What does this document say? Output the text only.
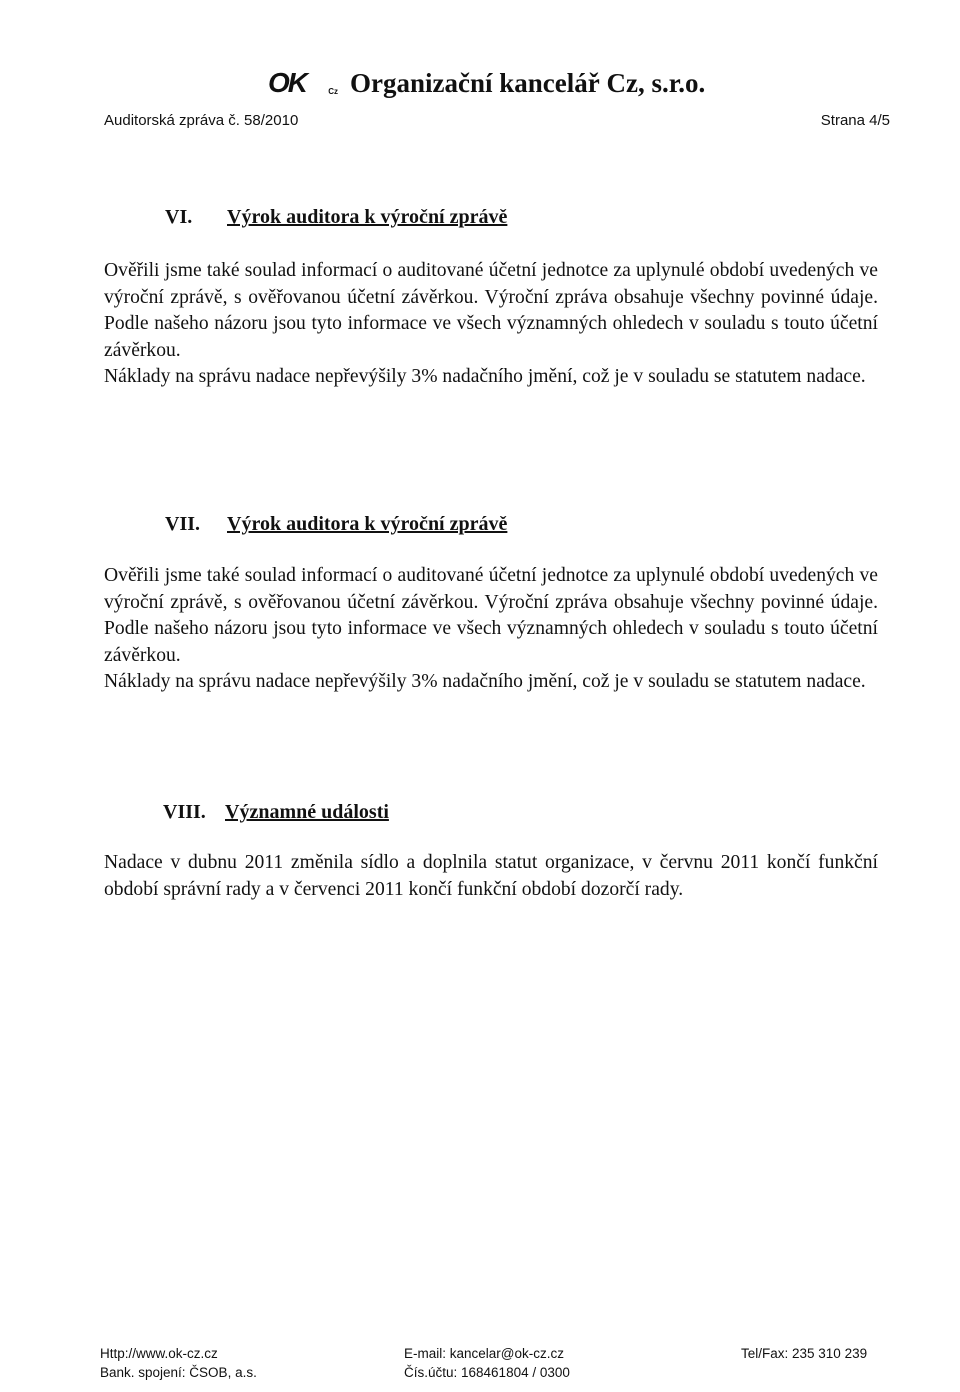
OK	Cz Organizační kancelář Cz, s.r.o.
Auditorská zpráva č. 58/2010	Strana 4/5
VI. Výrok auditora k výroční zprávě

Ověřili jsme také soulad informací o auditované účetní jednotce za uplynulé období uvedených ve výroční zprávě, s ověřovanou účetní závěrkou. Výroční zpráva obsahuje všechny povinné údaje. Podle našeho názoru jsou tyto informace ve všech významných ohledech v souladu s touto účetní závěrkou.

Náklady na správu nadace nepřevýšily 3% nadačního jmění, což je v souladu se statutem nadace.

VII. Výrok auditora k výroční zprávě

Ověřili jsme také soulad informací o auditované účetní jednotce za uplynulé období uvedených ve výroční zprávě, s ověřovanou účetní závěrkou. Výroční zpráva obsahuje všechny povinné údaje. Podle našeho názoru jsou tyto informace ve všech významných ohledech v souladu s touto účetní závěrkou.

Náklady na správu nadace nepřevýšily 3% nadačního jmění, což je v souladu se statutem nadace.

VIII. Významné události

Nadace v dubnu 2011 změnila sídlo a doplnila statut organizace, v červnu 2011 končí funkční období správní rady a v červenci 2011 končí funkční období dozorčí rady.

Http://www.ok-cz.cz
Bank. spojení: ČSOB, a.s.
E-mail: kancelar@ok-cz.cz
Čís.účtu: 168461804 / 0300
Tel/Fax: 235 310 239
